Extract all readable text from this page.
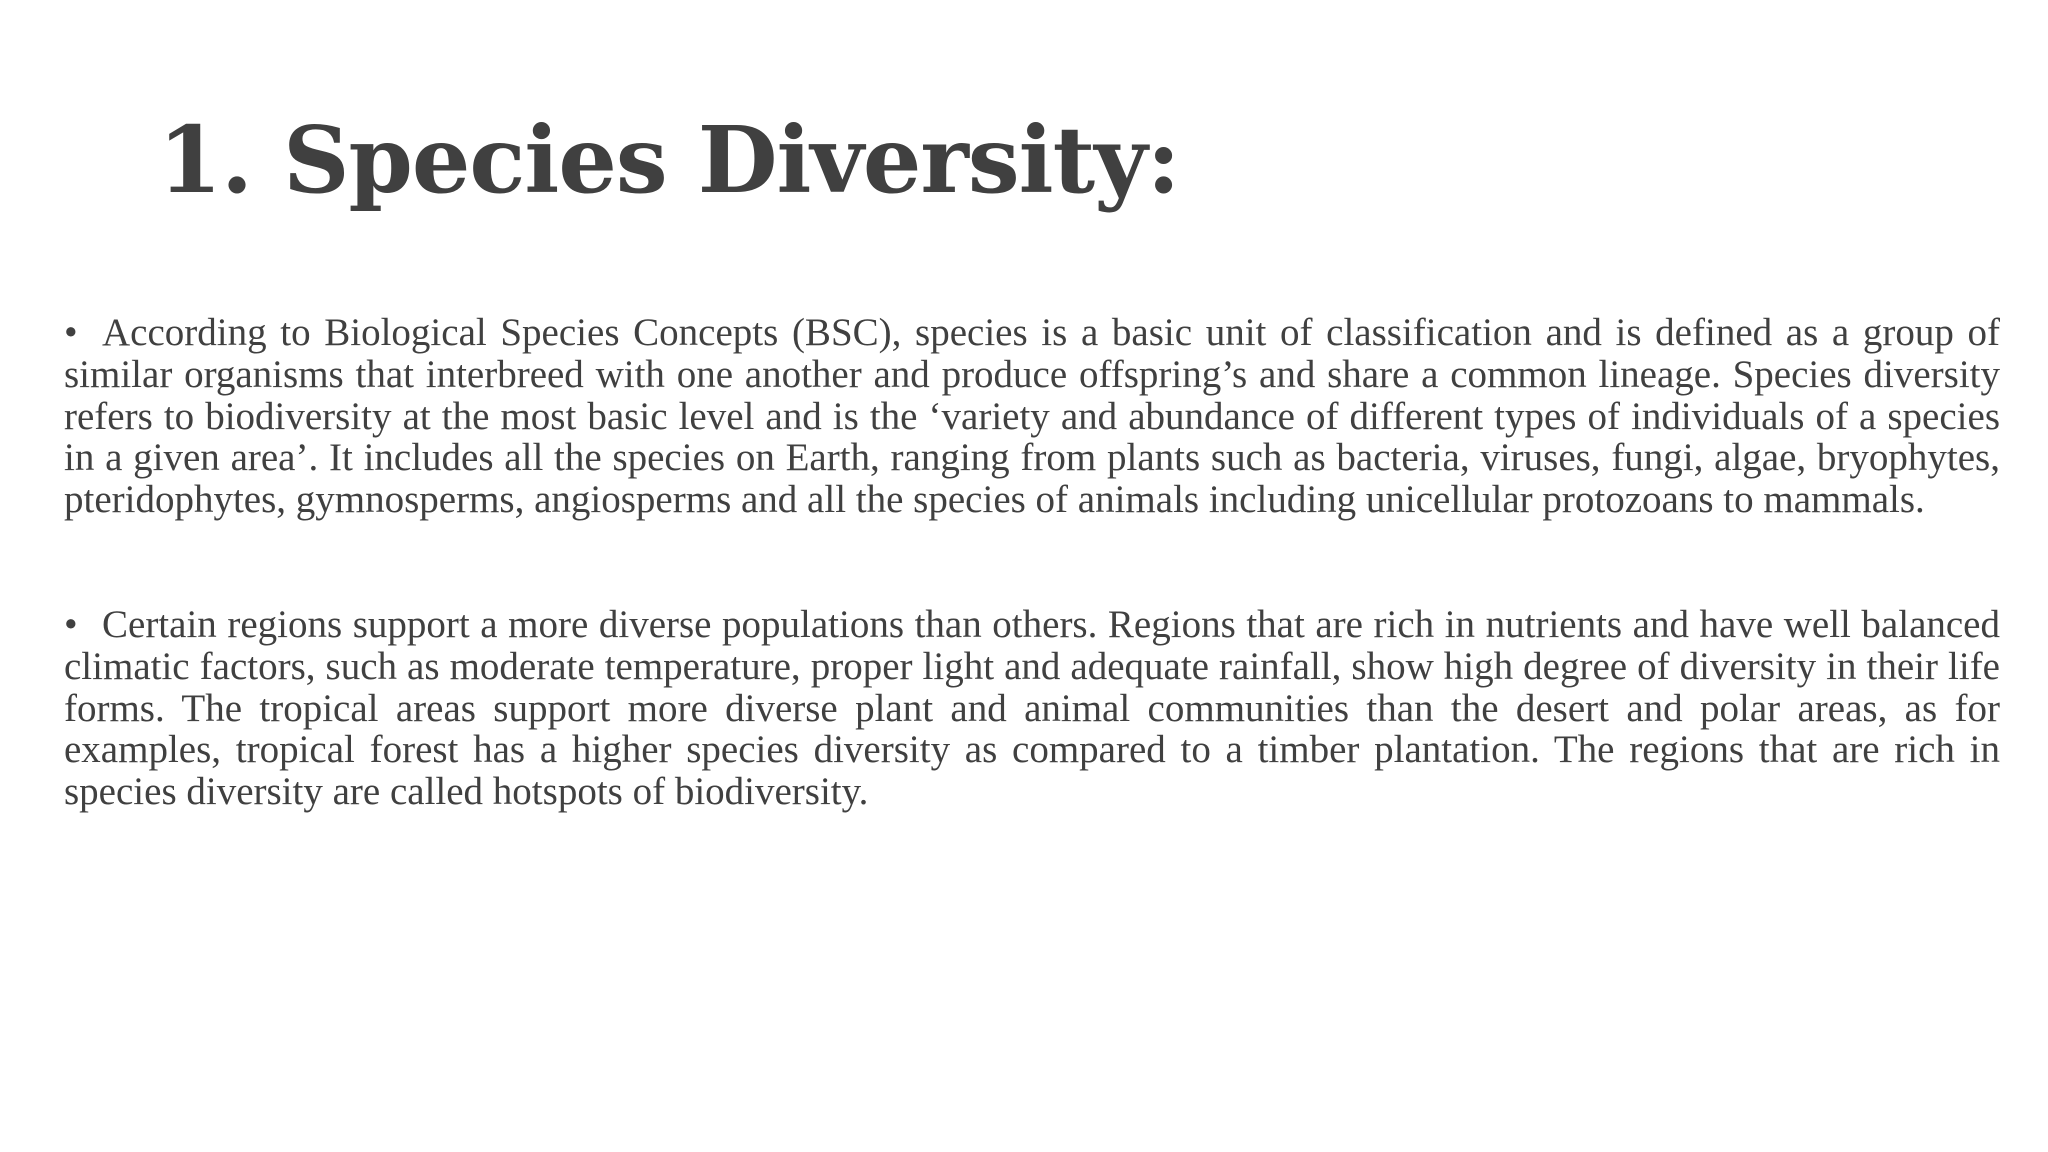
1. Species Diversity:

• According to Biological Species Concepts (BSC), species is a basic unit of classification and is defined as a group of similar organisms that interbreed with one another and produce offspring’s and share a common lineage. Species diversity refers to biodiversity at the most basic level and is the ‘variety and abundance of different types of individuals of a species in a given area’. It includes all the species on Earth, ranging from plants such as bacteria, viruses, fungi, algae, bryophytes, pteridophytes, gymnosperms, angiosperms and all the species of animals including unicellular protozoans to mammals.

• Certain regions support a more diverse populations than others. Regions that are rich in nutrients and have well balanced climatic factors, such as moderate temperature, proper light and adequate rainfall, show high degree of diversity in their life forms. The tropical areas support more diverse plant and animal communities than the desert and polar areas, as for examples, tropical forest has a higher species diversity as compared to a timber plantation. The regions that are rich in species diversity are called hotspots of biodiversity.
